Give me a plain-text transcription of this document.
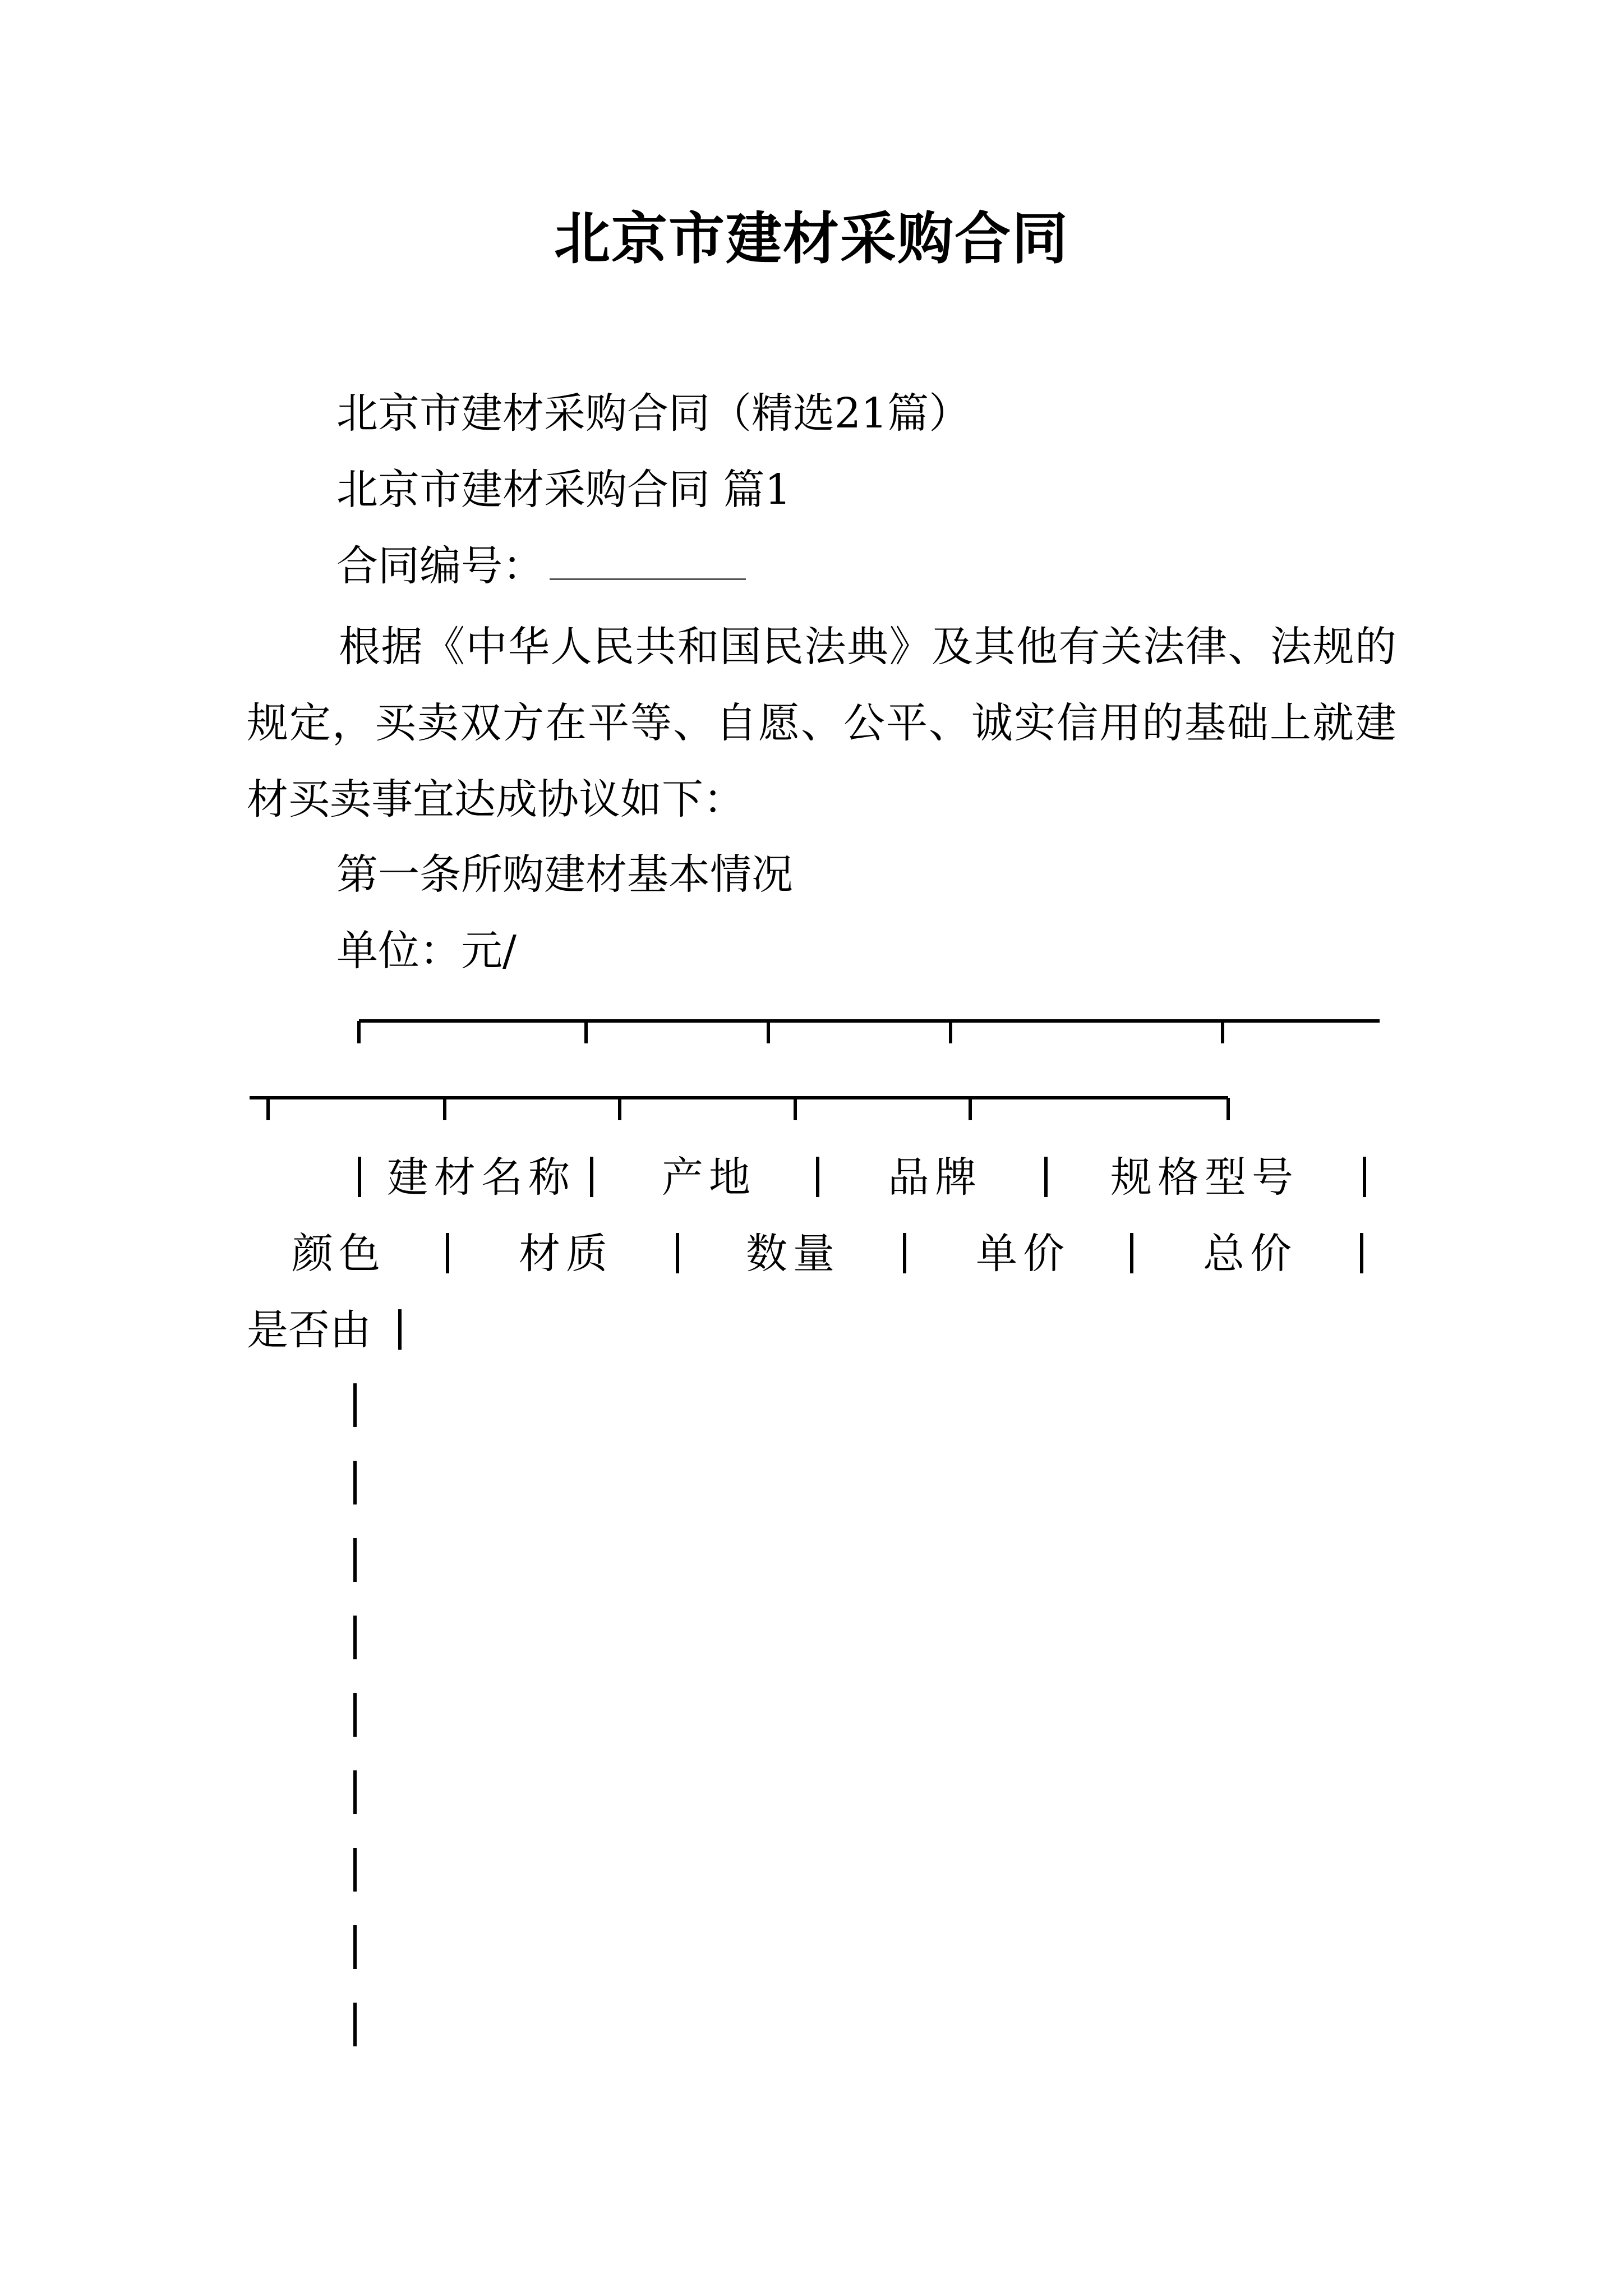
北京市建材采购合同
北京市建材采购合同（精选21篇）
北京市建材采购合同 篇1
合同编号：
根据《中华人民共和国民法典》及其他有关法律、法规的规定，买卖双方在平等、自愿、公平、诚实信用的基础上就建材买卖事宜达成协议如下：
第一条所购建材基本情况
单位：元/
建材名称 产地	品牌	规格型号
颜色	材质	数量	单价	总价
是否由
